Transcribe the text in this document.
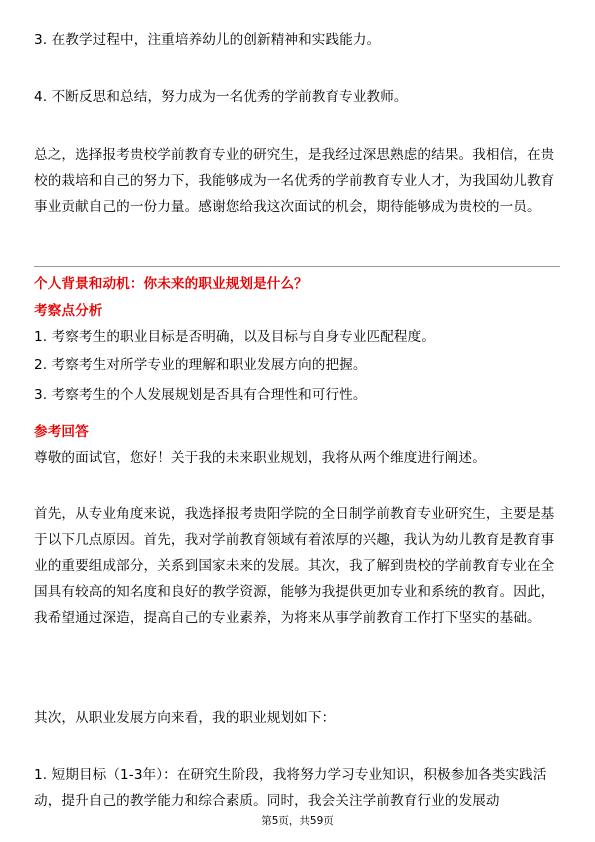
3. 在教学过程中，注重培养幼儿的创新精神和实践能力。

4. 不断反思和总结，努力成为一名优秀的学前教育专业教师。

总之，选择报考贵校学前教育专业的研究生，是我经过深思熟虑的结果。我相信，在贵校的栽培和自己的努力下，我能够成为一名优秀的学前教育专业人才，为我国幼儿教育事业贡献自己的一份力量。感谢您给我这次面试的机会，期待能够成为贵校的一员。

个人背景和动机：你未来的职业规划是什么？

考察点分析

1. 考察考生的职业目标是否明确，以及目标与自身专业匹配程度。

2. 考察考生对所学专业的理解和职业发展方向的把握。

3. 考察考生的个人发展规划是否具有合理性和可行性。

参考回答

尊敬的面试官，您好！关于我的未来职业规划，我将从两个维度进行阐述。

首先，从专业角度来说，我选择报考贵阳学院的全日制学前教育专业研究生，主要是基于以下几点原因。首先，我对学前教育领域有着浓厚的兴趣，我认为幼儿教育是教育事业的重要组成部分，关系到国家未来的发展。其次，我了解到贵校的学前教育专业在全国具有较高的知名度和良好的教学资源，能够为我提供更加专业和系统的教育。因此，我希望通过深造，提高自己的专业素养，为将来从事学前教育工作打下坚实的基础。

其次，从职业发展方向来看，我的职业规划如下：

1. 短期目标（1-3年）：在研究生阶段，我将努力学习专业知识，积极参加各类实践活动，提升自己的教学能力和综合素质。同时，我会关注学前教育行业的发展动

第5页，共59页
